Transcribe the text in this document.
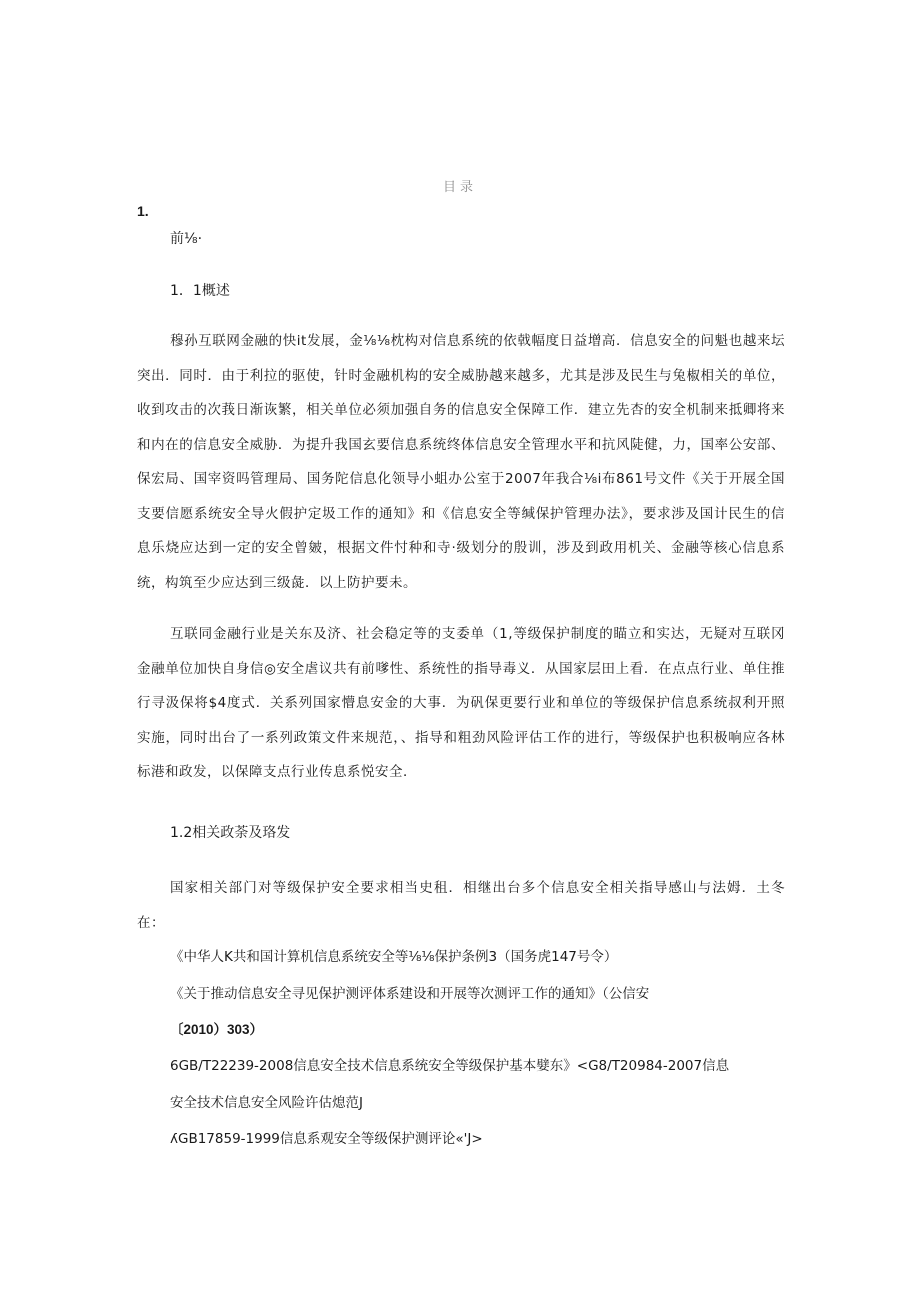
目录
1.
前⅛·
1．1概述

穆孙互联网金融的快it发展，金⅛⅛枕构对信息系统的依戟幅度日益增高．信息安全的问魁也越来坛突出．同时．由于利拉的驱使，针时金融机构的安全威胁越来越多，尤其是涉及民生与兔椒相关的单位，收到攻击的次莪日渐诙繁，相关单位必须加强自务的信息安全保障工作．建立先杏的安全机制来抵卿将来和内在的信息安全威胁．为提升我国玄要信息系统终体信息安全管理水平和抗风陡健，力，国率公安部、保宏局、国宰资吗管理局、国务陀信息化领导小蛆办公室于2007年我合⅛i布861号文件《关于开展全国支要信愿系统安全导火假护定圾工作的通知》和《信息安全等缄保护管理办法》，要求涉及国计民生的信息乐烧应达到一定的安全曾皴，根据文件忖种和寺·级划分的殷训，涉及到政用机关、金融等核心信息系统，构筑至少应达到三级彘．以上防护要未。

互联同金融行业是关东及济、社会稳定等的支委单（1,等级保护制度的瞄立和实达，无疑对互联冈金融单位加快自身信◎安全虐议共有前嗲性、系统性的指导毒义．从国家层田上看．在点点行业、单住推行寻汲保将$4度式．关系列国家懵息安金的大事．为矾保更要行业和单位的等级保护信息系统叔利开照实施，同时出台了一系列政策文件来规范，、指导和粗劲风险评估工作的进行，等级保护也积极响应各林标港和政发，以保障支点行业传息系悦安全．

1.2相关政荼及珞发

国家相关部门对等级保护安全要求相当史租．相继出台多个信息安全相关指导感山与法姆．土冬在：

《中华人K共和国计算机信息系统安全等⅛⅛保护条例3（国务虎147号令）
《关于推动信息安全寻见保护测评体系建设和开展等次测评工作的通知》（公信安
〔2010）303）
6GB/T22239-2008信息安全技术信息系统安全等级保护基本嬖东》<G8/T20984-2007信息
安全技术信息安全风险许估熄范J
ʎGB17859-1999信息系观安全等级保护测评论«'J>
